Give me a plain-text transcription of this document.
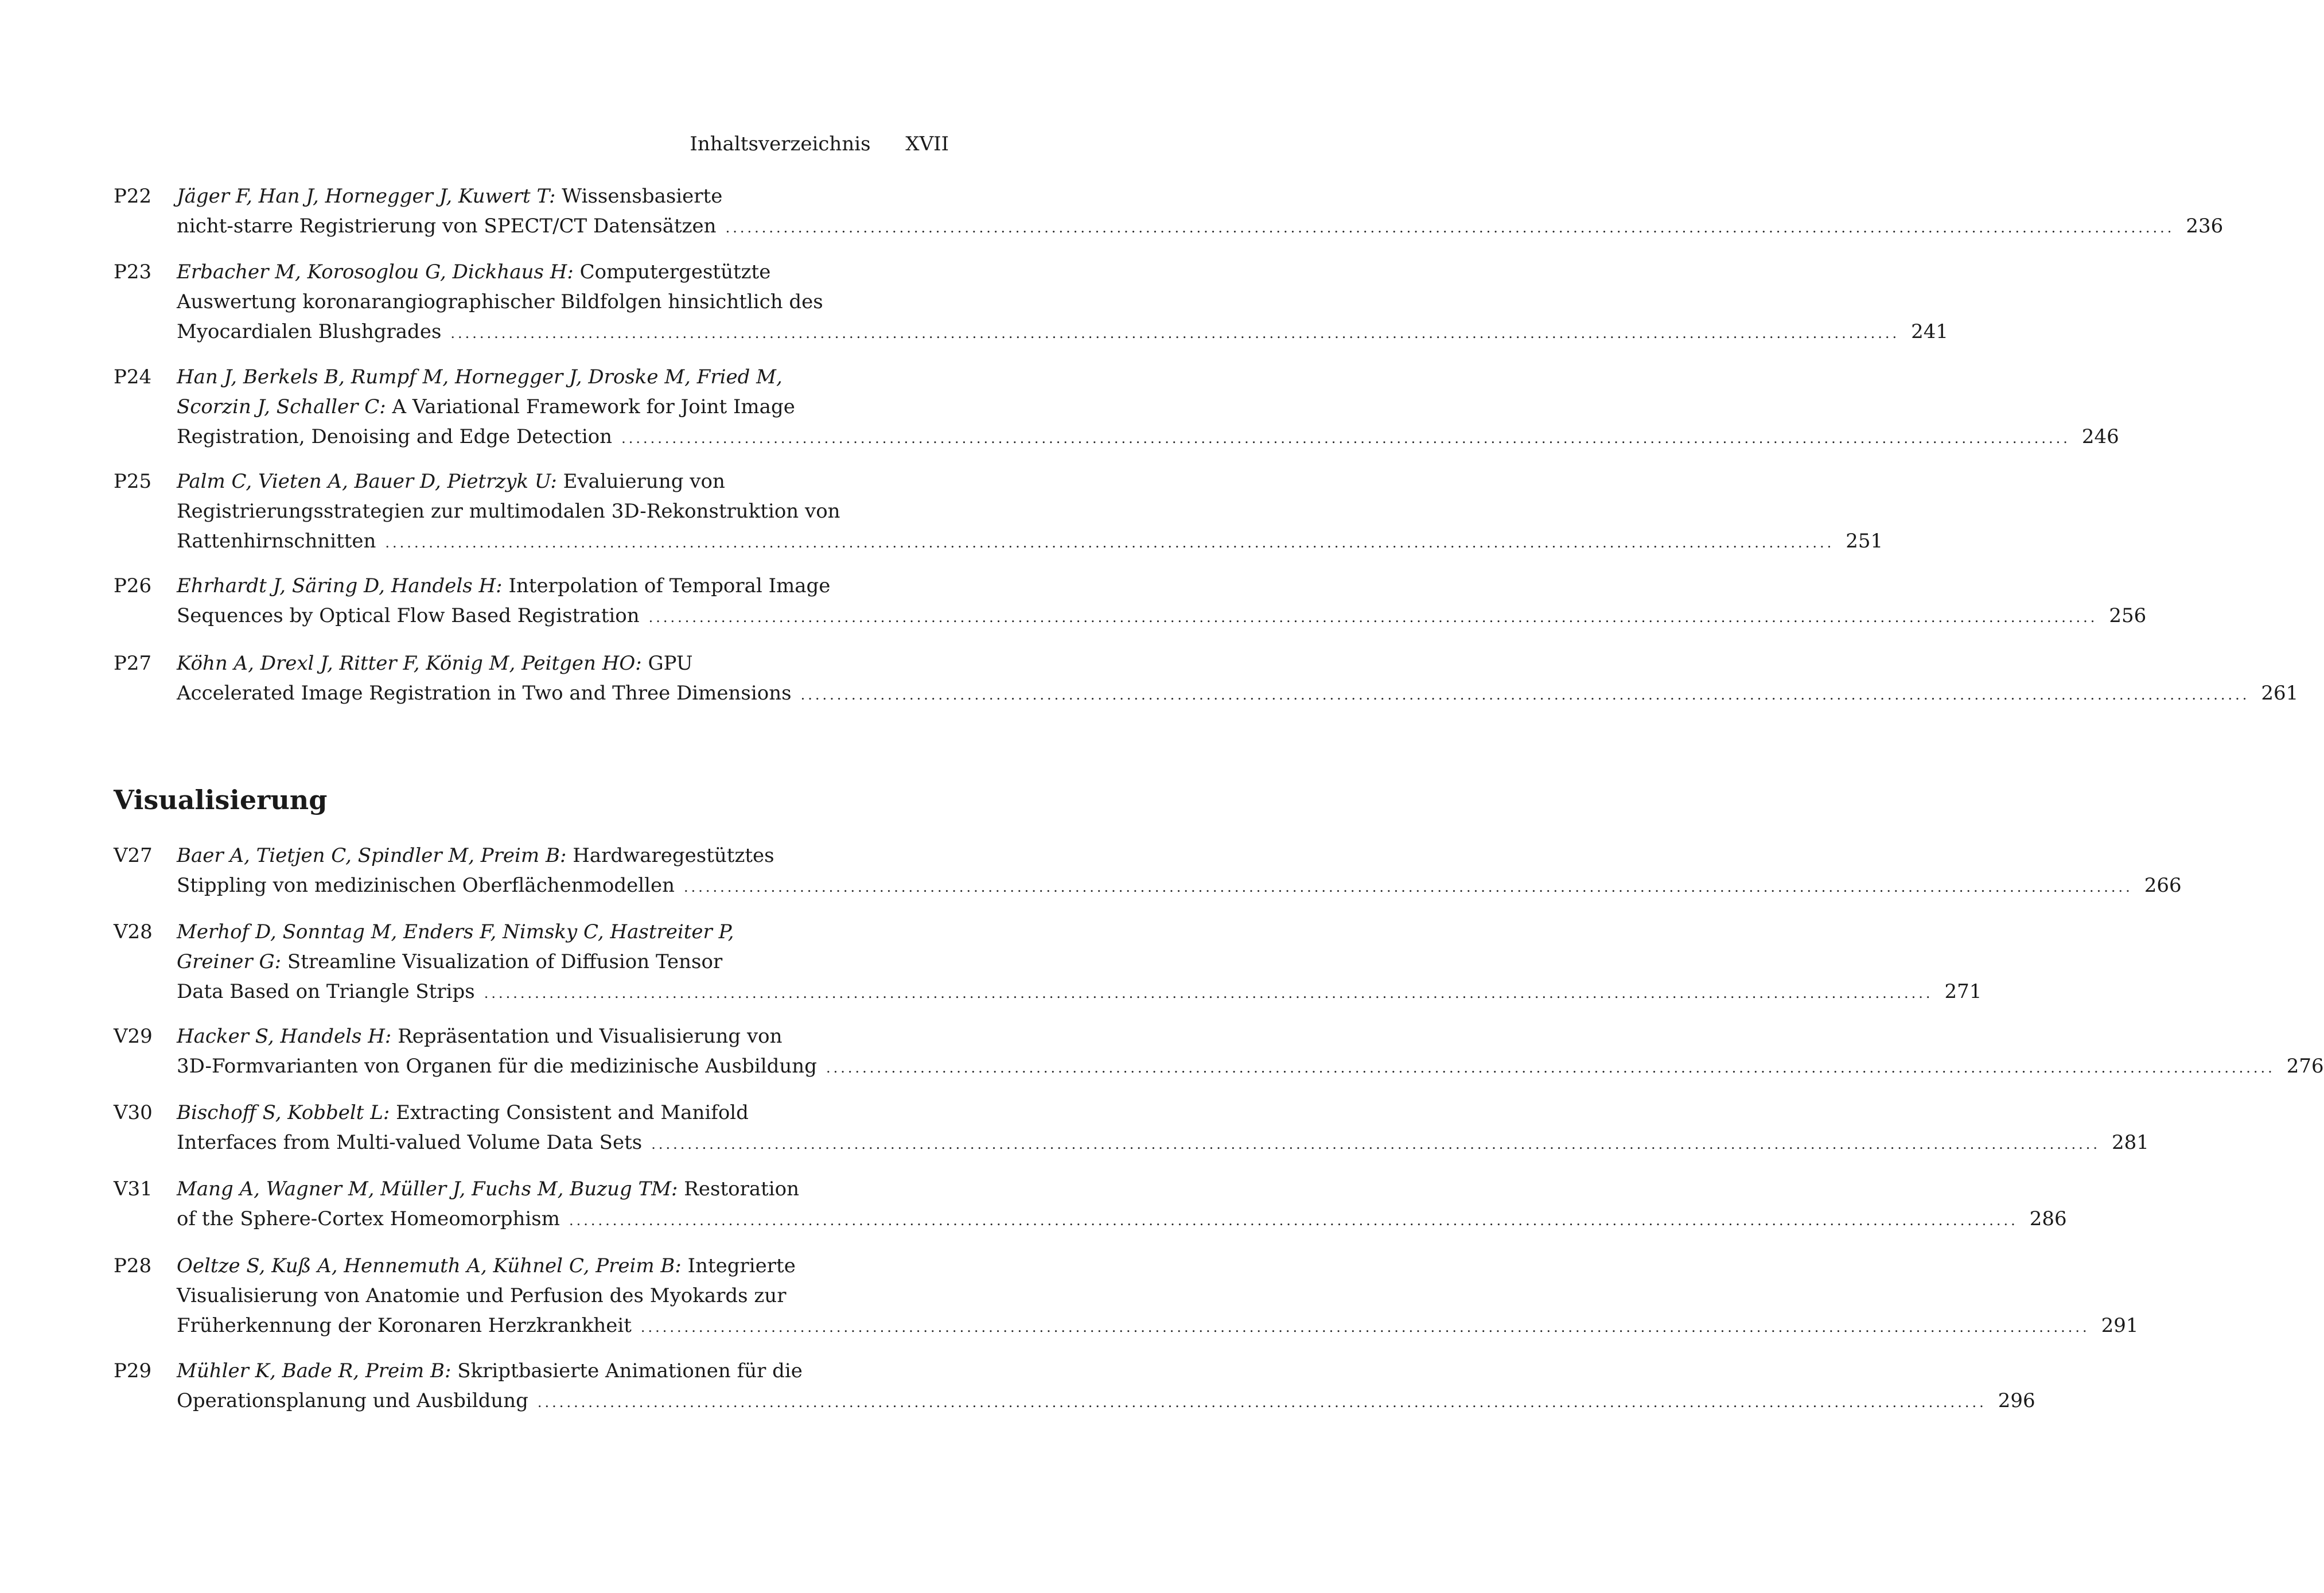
Inhaltsverzeichnis XVII
P22 Jäger F, Han J, Hornegger J, Kuwert T: Wissensbasierte
nicht-starre Registrierung von SPECT/CT Datensätzen ........................................................................................................................................................................................................ 236
P23 Erbacher M, Korosoglou G, Dickhaus H: Computergestützte
Auswertung koronarangiographischer Bildfolgen hinsichtlich des
Myocardialen Blushgrades ........................................................................................................................................................................................................ 241
P24 Han J, Berkels B, Rumpf M, Hornegger J, Droske M, Fried M,
Scorzin J, Schaller C: A Variational Framework for Joint Image
Registration, Denoising and Edge Detection ........................................................................................................................................................................................................ 246
P25 Palm C, Vieten A, Bauer D, Pietrzyk U: Evaluierung von
Registrierungsstrategien zur multimodalen 3D-Rekonstruktion von
Rattenhirnschnitten ........................................................................................................................................................................................................ 251
P26 Ehrhardt J, Säring D, Handels H: Interpolation of Temporal Image
Sequences by Optical Flow Based Registration ........................................................................................................................................................................................................ 256
P27 Köhn A, Drexl J, Ritter F, König M, Peitgen HO: GPU
Accelerated Image Registration in Two and Three Dimensions ........................................................................................................................................................................................................ 261
Visualisierung
V27 Baer A, Tietjen C, Spindler M, Preim B: Hardwaregestütztes
Stippling von medizinischen Oberflächenmodellen ........................................................................................................................................................................................................ 266
V28 Merhof D, Sonntag M, Enders F, Nimsky C, Hastreiter P,
Greiner G: Streamline Visualization of Diffusion Tensor
Data Based on Triangle Strips ........................................................................................................................................................................................................ 271
V29 Hacker S, Handels H: Repräsentation und Visualisierung von
3D-Formvarianten von Organen für die medizinische Ausbildung ........................................................................................................................................................................................................ 276
V30 Bischoff S, Kobbelt L: Extracting Consistent and Manifold
Interfaces from Multi-valued Volume Data Sets ........................................................................................................................................................................................................ 281
V31 Mang A, Wagner M, Müller J, Fuchs M, Buzug TM: Restoration
of the Sphere-Cortex Homeomorphism ........................................................................................................................................................................................................ 286
P28 Oeltze S, Kuß A, Hennemuth A, Kühnel C, Preim B: Integrierte
Visualisierung von Anatomie und Perfusion des Myokards zur
Früherkennung der Koronaren Herzkrankheit ........................................................................................................................................................................................................ 291
P29 Mühler K, Bade R, Preim B: Skriptbasierte Animationen für die
Operationsplanung und Ausbildung ........................................................................................................................................................................................................ 296
